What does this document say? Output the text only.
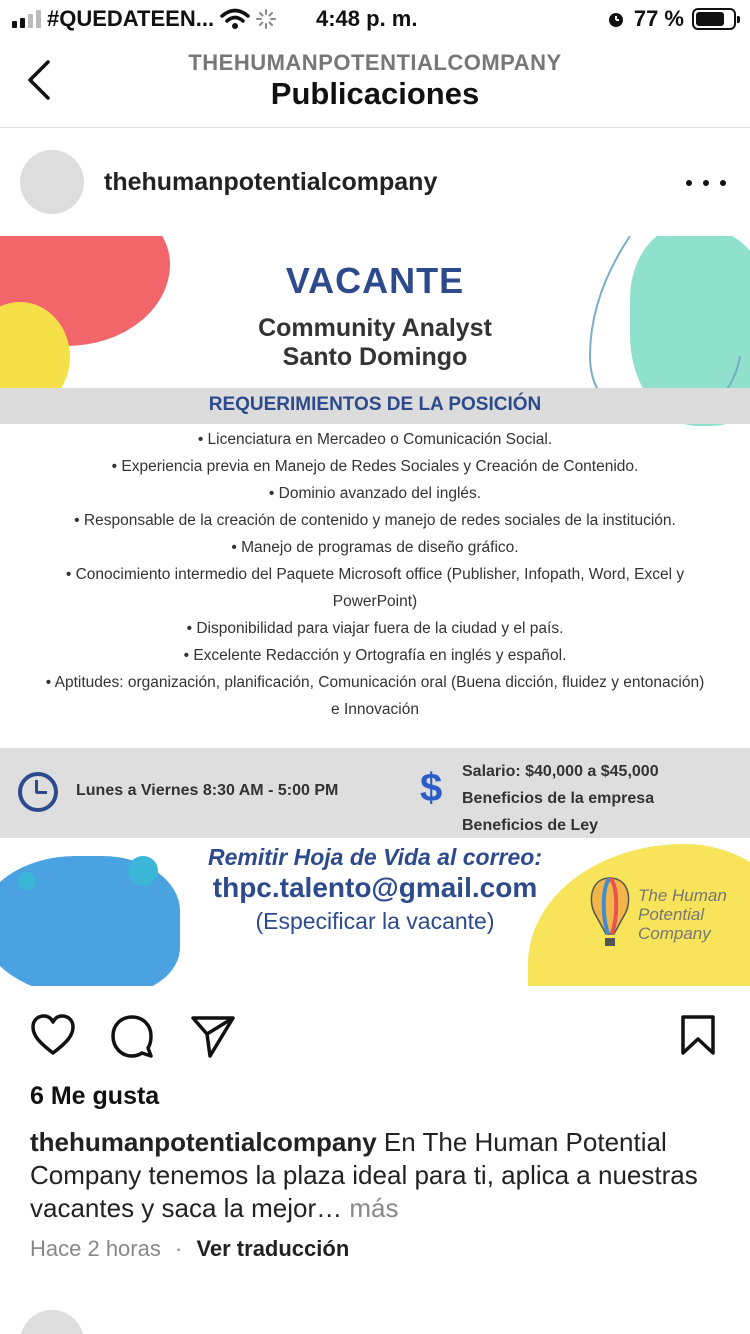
#QUEDATEEN...	4:48 p. m.	77 %
THEHUMANPOTENTIALCOMPANY
Publicaciones
thehumanpotentialcompany
VACANTE
Community Analyst
Santo Domingo
REQUERIMIENTOS DE LA POSICIÓN
• Licenciatura en Mercadeo o Comunicación Social.
• Experiencia previa en Manejo de Redes Sociales y Creación de Contenido.
• Dominio avanzado del inglés.
• Responsable de la creación de contenido y manejo de redes sociales de la institución.
• Manejo de programas de diseño gráfico.
• Conocimiento intermedio del Paquete Microsoft office (Publisher, Infopath, Word, Excel y PowerPoint)
• Disponibilidad para viajar fuera de la ciudad y el país.
• Excelente Redacción y Ortografía en inglés y español.
• Aptitudes: organización, planificación, Comunicación oral (Buena dicción, fluidez y entonación) e Innovación
Lunes a Viernes 8:30 AM - 5:00 PM $ Salario: $40,000 a $45,000
Beneficios de la empresa
Beneficios de Ley
Remitir Hoja de Vida al correo:
thpc.talento@gmail.com
(Especificar la vacante)
The Human
Potential
Company
6 Me gusta
thehumanpotentialcompany En The Human Potential Company tenemos la plaza ideal para ti, aplica a nuestras vacantes y saca la mejor… más
Hace 2 horas · Ver traducción
